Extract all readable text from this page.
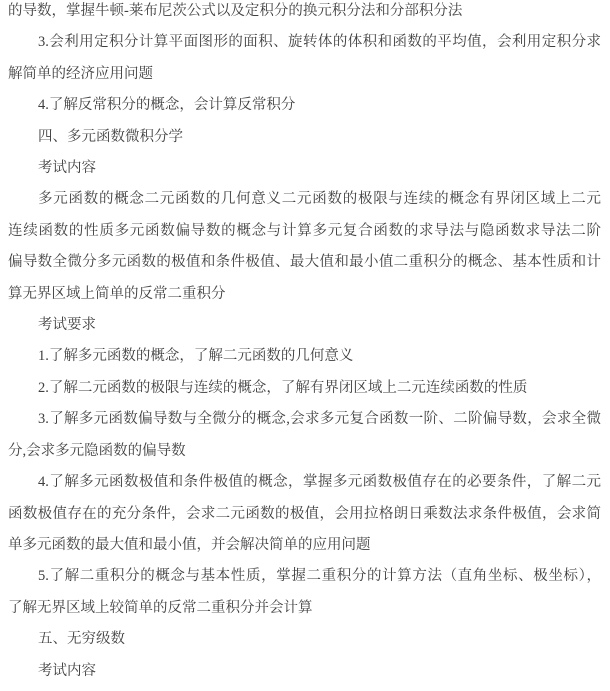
的导数，掌握牛顿-莱布尼茨公式以及定积分的换元积分法和分部积分法
3.会利用定积分计算平面图形的面积、旋转体的体积和函数的平均值，会利用定积分求
解简单的经济应用问题
4.了解反常积分的概念，会计算反常积分
四、多元函数微积分学
考试内容
多元函数的概念二元函数的几何意义二元函数的极限与连续的概念有界闭区域上二元
连续函数的性质多元函数偏导数的概念与计算多元复合函数的求导法与隐函数求导法二阶
偏导数全微分多元函数的极值和条件极值、最大值和最小值二重积分的概念、基本性质和计
算无界区域上简单的反常二重积分
考试要求
1.了解多元函数的概念，了解二元函数的几何意义
2.了解二元函数的极限与连续的概念，了解有界闭区域上二元连续函数的性质
3.了解多元函数偏导数与全微分的概念,会求多元复合函数一阶、二阶偏导数，会求全微
分,会求多元隐函数的偏导数
4.了解多元函数极值和条件极值的概念，掌握多元函数极值存在的必要条件，了解二元
函数极值存在的充分条件，会求二元函数的极值，会用拉格朗日乘数法求条件极值，会求简
单多元函数的最大值和最小值，并会解决简单的应用问题
5.了解二重积分的概念与基本性质，掌握二重积分的计算方法（直角坐标、极坐标），
了解无界区域上较简单的反常二重积分并会计算
五、无穷级数
考试内容
